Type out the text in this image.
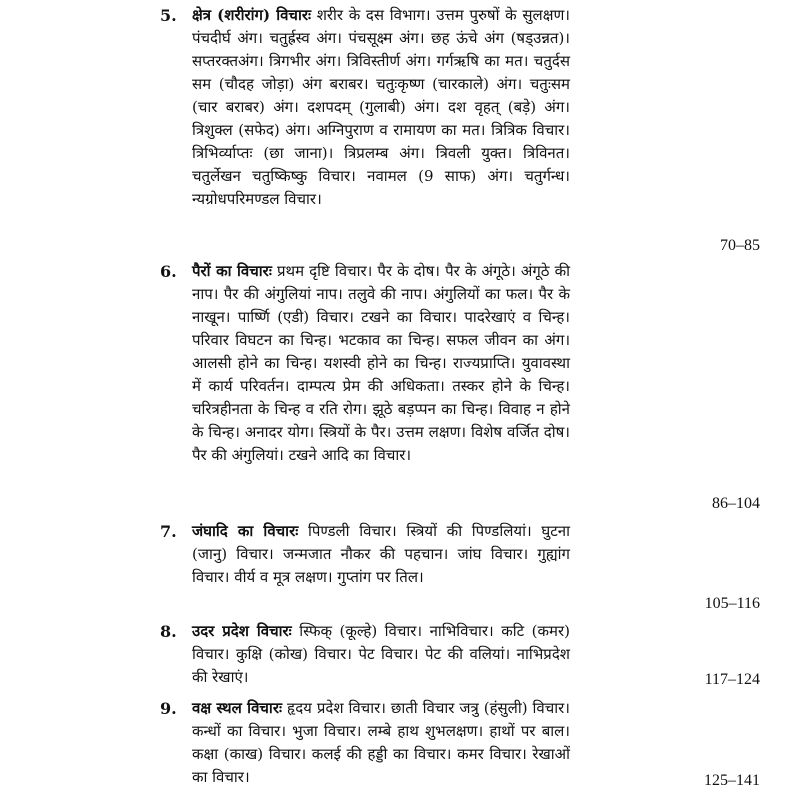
5. क्षेत्र (शरीरांग) विचारः शरीर के दस विभाग। उत्तम पुरुषों के सुलक्षण। पंचदीर्घ अंग। चतुर्ह्रस्व अंग। पंचसूक्ष्म अंग। छह ऊंचे अंग (षड्उन्नत)। सप्तरक्तअंग। त्रिगभीर अंग। त्रिविस्तीर्ण अंग। गर्गऋषि का मत। चतुर्दस सम (चौदह जोड़ा) अंग बराबर। चतुःकृष्ण (चारकाले) अंग। चतुःसम (चार बराबर) अंग। दशपदम् (गुलाबी) अंग। दश वृहत् (बड़े) अंग। त्रिशुक्ल (सफेद) अंग। अग्निपुराण व रामायण का मत। त्रित्रिक विचार। त्रिभिर्व्याप्तः (छा जाना)। त्रिप्रलम्ब अंग। त्रिवली युक्त। त्रिविनत। चतुर्लेखन चतुष्किष्कु विचार। नवामल (9 साफ) अंग। चतुर्गन्ध। न्यग्रोधपरिमण्डल विचार।
70–85
6. पैरों का विचारः प्रथम दृष्टि विचार। पैर के दोष। पैर के अंगूठे। अंगूठे की नाप। पैर की अंगुलियां नाप। तलुवे की नाप। अंगुलियों का फल। पैर के नाखून। पार्ष्णि (एडी) विचार। टखने का विचार। पादरेखाएं व चिन्ह। परिवार विघटन का चिन्ह। भटकाव का चिन्ह। सफल जीवन का अंग। आलसी होने का चिन्ह। यशस्वी होने का चिन्ह। राज्यप्राप्ति। युवावस्था में कार्य परिवर्तन। दाम्पत्य प्रेम की अधिकता। तस्कर होने के चिन्ह। चरित्रहीनता के चिन्ह व रति रोग। झूठे बड़प्पन का चिन्ह। विवाह न होने के चिन्ह। अनादर योग। स्त्रियों के पैर। उत्तम लक्षण। विशेष वर्जित दोष। पैर की अंगुलियां। टखने आदि का विचार।
86–104
7. जंघादि का विचारः पिण्डली विचार। स्त्रियों की पिण्डलियां। घुटना (जानु) विचार। जन्मजात नौकर की पहचान। जांघ विचार। गुह्यांग विचार। वीर्य व मूत्र लक्षण। गुप्तांग पर तिल।
105–116
8. उदर प्रदेश विचारः स्फिक् (कूल्हे) विचार। नाभिविचार। कटि (कमर) विचार। कुक्षि (कोख) विचार। पेट विचार। पेट की वलियां। नाभिप्रदेश की रेखाएं।	117–124
9. वक्ष स्थल विचारः हृदय प्रदेश विचार। छाती विचार जत्रु (हंसुली) विचार। कन्धों का विचार। भुजा विचार। लम्बे हाथ शुभलक्षण। हाथों पर बाल। कक्षा (काख) विचार। कलई की हड्डी का विचार। कमर विचार। रेखाओं का विचार।	125–141
